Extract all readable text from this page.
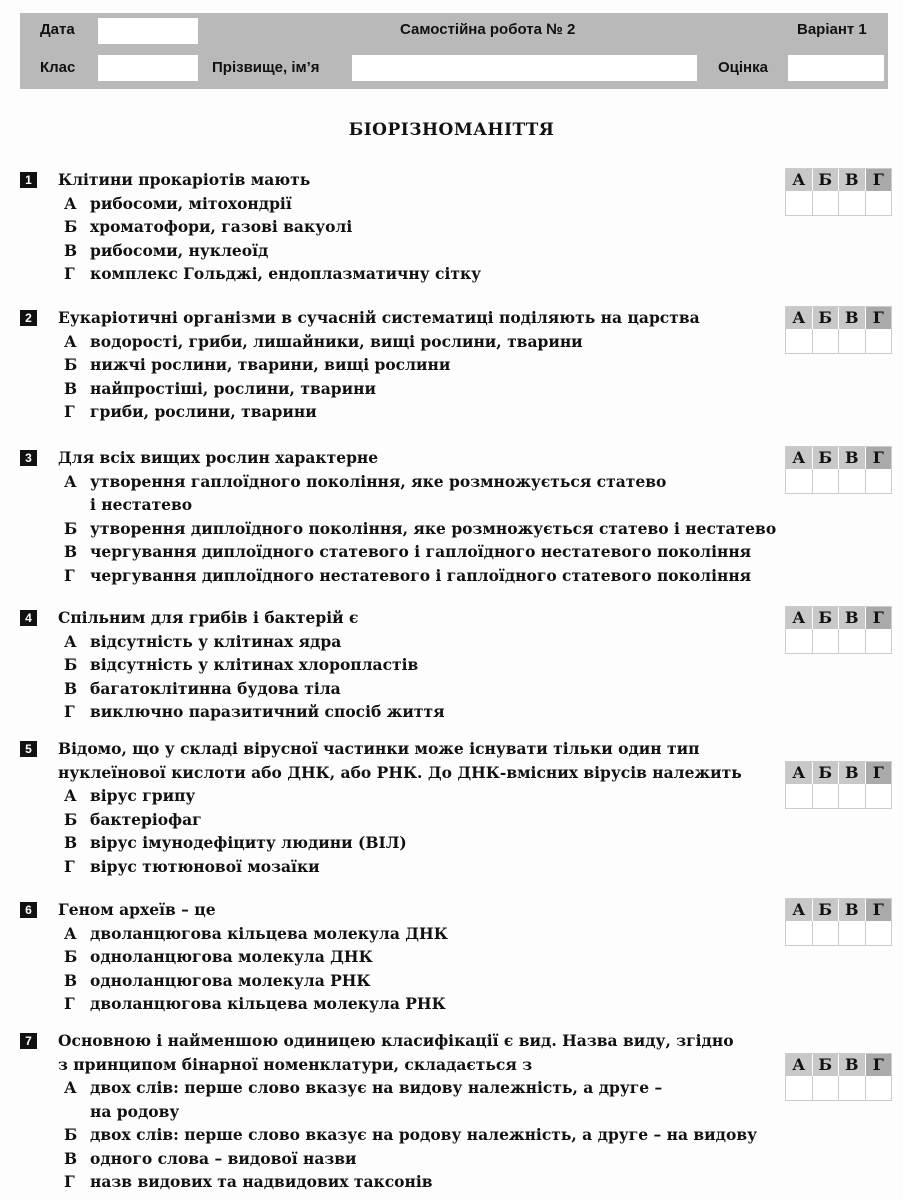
Дата	Самостійна робота № 2	Варіант 1
Клас	Прізвище, ім’я	Оцінка
БІОРІЗНОМАНІТТЯ
1	Клітини прокаріотів мають
А рибосоми, мітохондрії
Б хроматофори, газові вакуолі
В рибосоми, нуклеоїд
Г комплекс Гольджі, ендоплазматичну сітку
А Б В Г
2	Еукаріотичні організми в сучасній систематиці поділяють на царства
А водорості, гриби, лишайники, вищі рослини, тварини
Б нижчі рослини, тварини, вищі рослини
В найпростіші, рослини, тварини
Г гриби, рослини, тварини
А Б В Г
3	Для всіх вищих рослин характерне
А утворення гаплоїдного покоління, яке розмножується статево
і нестатево
Б утворення диплоїдного покоління, яке розмножується статево і нестатево
В чергування диплоїдного статевого і гаплоїдного нестатевого покоління
Г чергування диплоїдного нестатевого і гаплоїдного статевого покоління
А Б В Г
4	Спільним для грибів і бактерій є
А відсутність у клітинах ядра
Б відсутність у клітинах хлоропластів
В багатоклітинна будова тіла
Г виключно паразитичний спосіб життя
А Б В Г
5	Відомо, що у складі вірусної частинки може існувати тільки один тип
нуклеїнової кислоти або ДНК, або РНК. До ДНК-вмісних вірусів належить
А вірус грипу
Б бактеріофаг
В вірус імунодефіциту людини (ВІЛ)
Г вірус тютюнової мозаїки
А Б В Г
6	Геном археїв – це
А дволанцюгова кільцева молекула ДНК
Б одноланцюгова молекула ДНК
В одноланцюгова молекула РНК
Г дволанцюгова кільцева молекула РНК
А Б В Г
7	Основною і найменшою одиницею класифікації є вид. Назва виду, згідно
з принципом бінарної номенклатури, складається з
А двох слів: перше слово вказує на видову належність, а друге –
на родову
Б двох слів: перше слово вказує на родову належність, а друге – на видову
В одного слова – видової назви
Г назв видових та надвидових таксонів
А Б В Г
